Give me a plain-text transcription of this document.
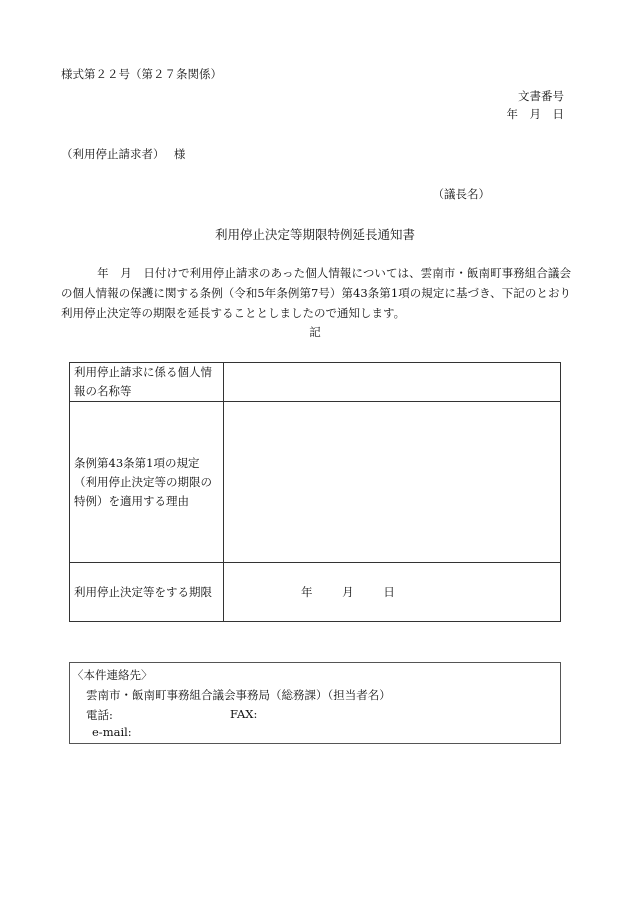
様式第２２号（第２７条関係）
文書番号
年　月　日
（利用停止請求者）　 様
（議長名）
利用停止決定等期限特例延長通知書
年　月　日付けで利用停止請求のあった個人情報については、雲南市・飯南町事務組合議会の個人情報の保護に関する条例（令和5年条例第7号）第43条第1項の規定に基づき、下記のとおり利用停止決定等の期限を延長することとしましたので通知します。
記
利用停止請求に係る個人情報の名称等	
条例第43条第1項の規定（利用停止決定等の期限の特例）を適用する理由	
利用停止決定等をする期限	年 月 日
〈本件連絡先〉
雲南市・飯南町事務組合議会事務局（総務課）（担当者名）
電話:	FAX:
e-mail:
